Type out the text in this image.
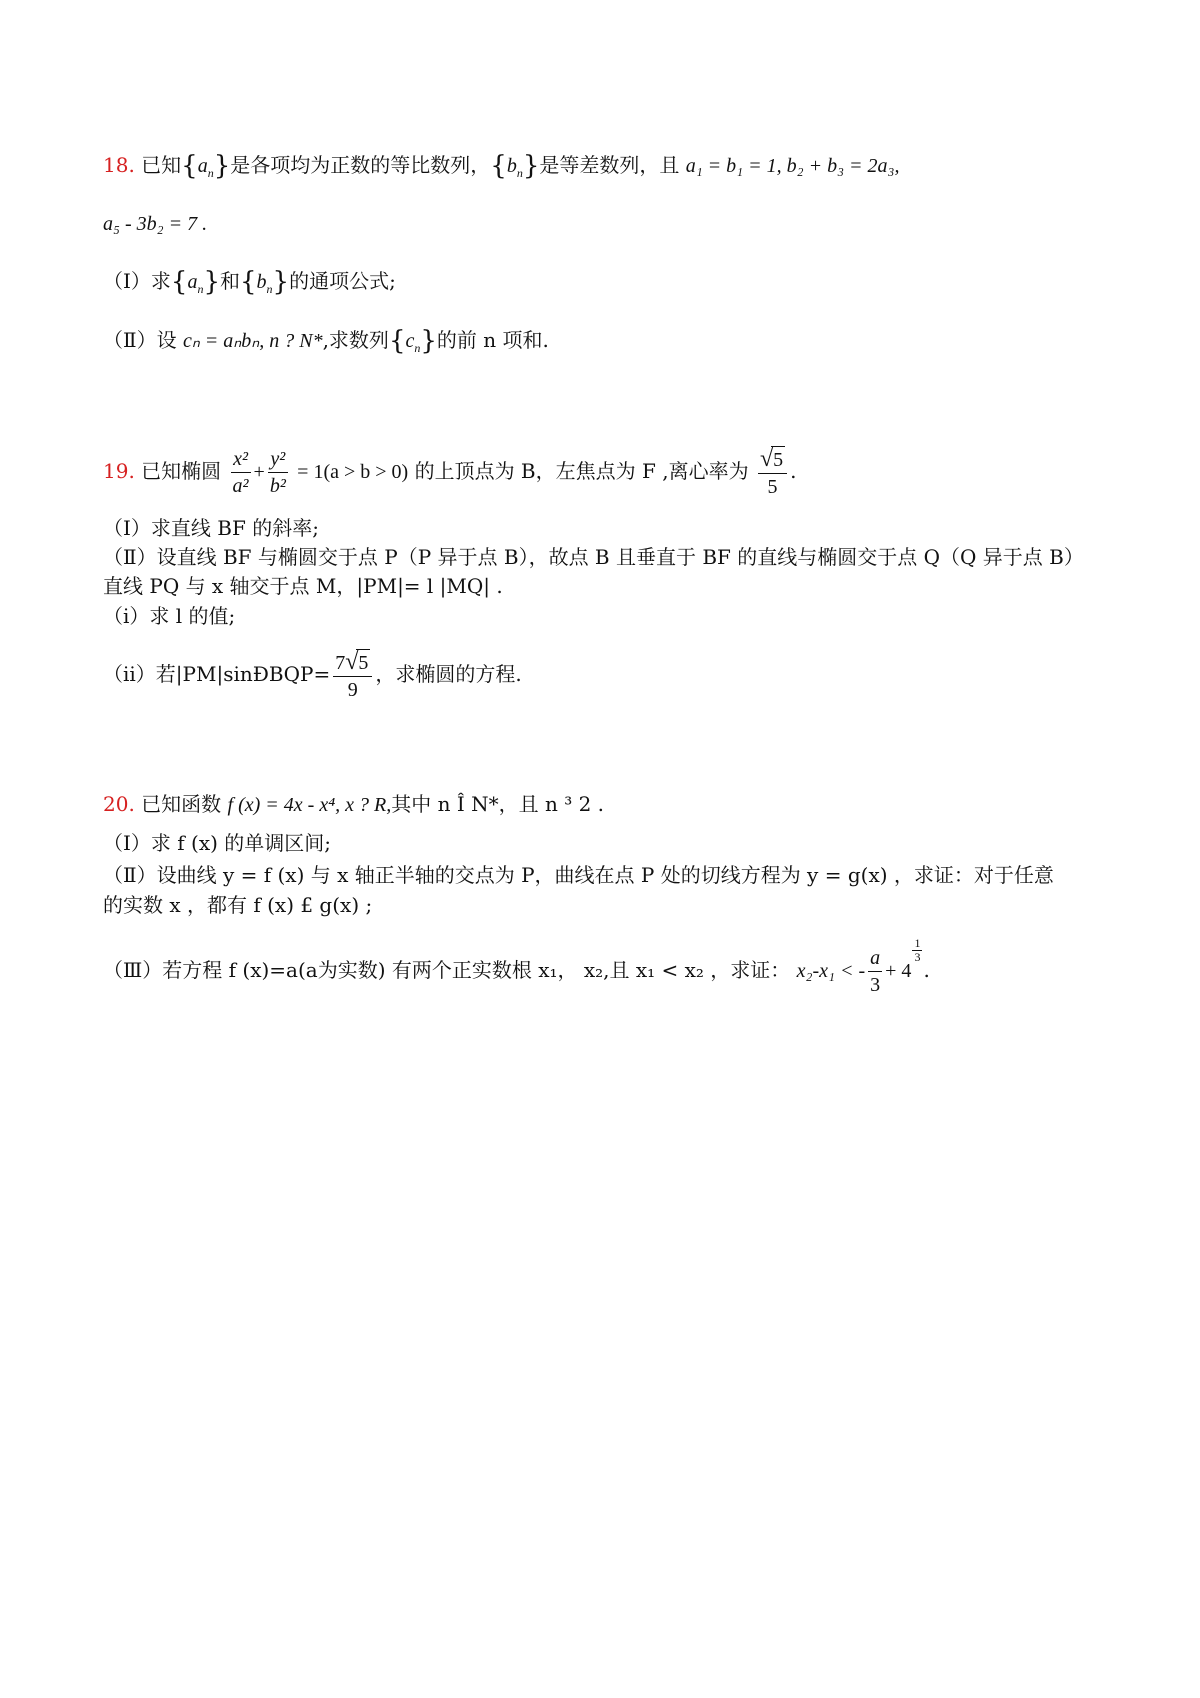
18. 已知$\{a_n\}$是各项均为正数的等比数列，$\{b_n\}$是等差数列，且 a₁ = b₁ = 1, b₂ + b₃ = 2a₃,
a₅ - 3b₂ = 7 .
（Ⅰ）求$\{a_n\}$和$\{b_n\}$的通项公式;
（Ⅱ）设 cₙ = aₙbₙ, n ? N*,求数列$\{c_n\}$的前 n 项和.
19. 已知椭圆 $\frac{\text{x²}}{\text{a²}} + \frac{\text{y²}}{\text{b²}} = 1(a > b > 0)$ 的上顶点为 B，左焦点为 F ,离心率为 $\frac{√5}{5}$ .
（Ⅰ）求直线 BF 的斜率;
（Ⅱ）设直线 BF 与椭圆交于点 P（P 异于点 B），故点 B 且垂直于 BF 的直线与椭圆交于点 Q（Q 异于点 B）
直线 PQ 与 x 轴交于点 M，|PM|= l |MQ| .
（i）求 l 的值;
（ii）若|PM|sinÐBQP= $\frac{7√5}{9}$ ，求椭圆的方程.
20. 已知函数 f (x) = 4x - x⁴, x ? R,其中 n Î N*，且 n ³ 2 .
（Ⅰ）求 f (x) 的单调区间;
（Ⅱ）设曲线 y = f (x) 与 x 轴正半轴的交点为 P，曲线在点 P 处的切线方程为 y = g(x) ，求证：对于任意
的实数 x ，都有 f (x) £ g(x) ;
（Ⅲ）若方程 f (x)=a(a为实数) 有两个正实数根 x₁， x₂,且 x₁ < x₂ ，求证： x₂-x₁ < - $\frac{a}{3} + 4$
$\frac{1}{3}$
.
